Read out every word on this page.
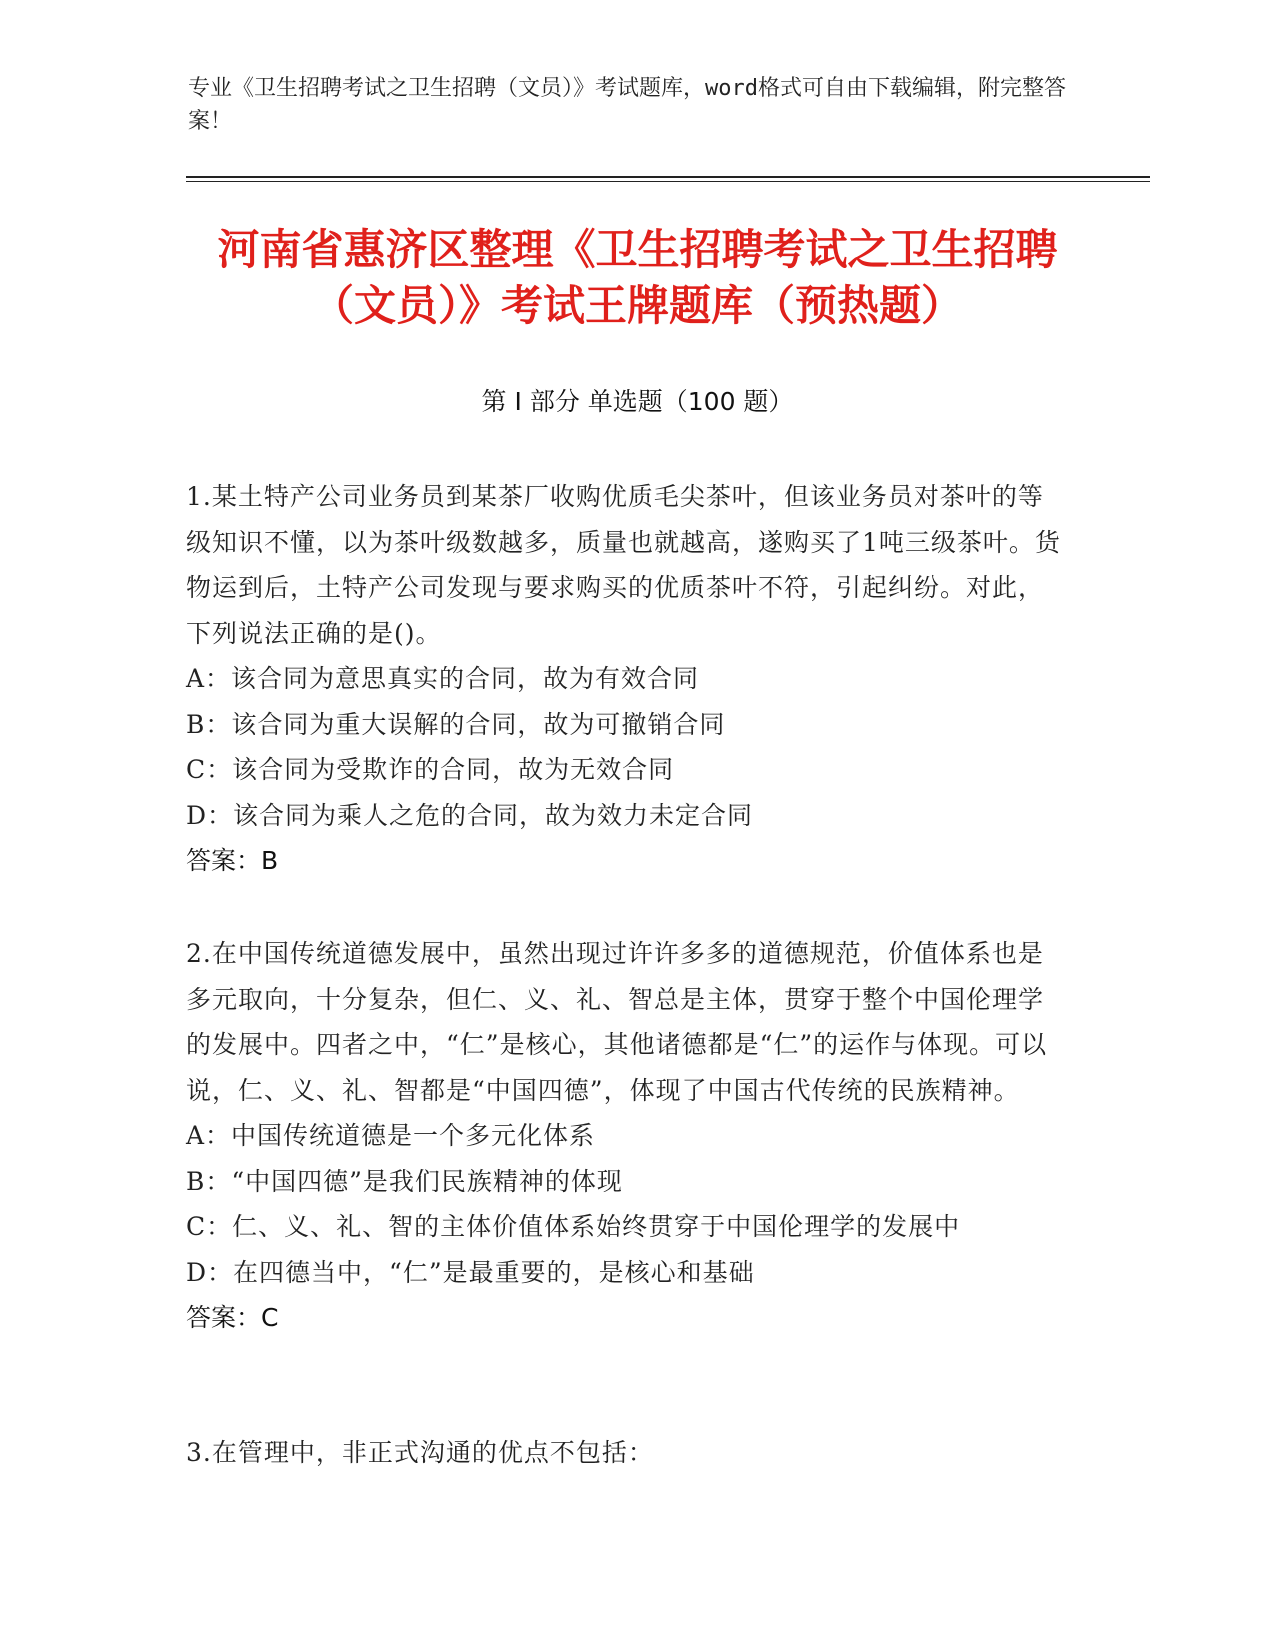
专业《卫生招聘考试之卫生招聘（文员）》考试题库，word格式可自由下载编辑，附完整答案！
河南省惠济区整理《卫生招聘考试之卫生招聘（文员）》考试王牌题库（预热题）
第 I 部分 单选题（100 题）
1.某土特产公司业务员到某茶厂收购优质毛尖茶叶，但该业务员对茶叶的等级知识不懂，以为茶叶级数越多，质量也就越高，遂购买了1吨三级茶叶。货物运到后，土特产公司发现与要求购买的优质茶叶不符，引起纠纷。对此，下列说法正确的是()。
A：该合同为意思真实的合同，故为有效合同
B：该合同为重大误解的合同，故为可撤销合同
C：该合同为受欺诈的合同，故为无效合同
D：该合同为乘人之危的合同，故为效力未定合同
答案：B
2.在中国传统道德发展中，虽然出现过许许多多的道德规范，价值体系也是多元取向，十分复杂，但仁、义、礼、智总是主体，贯穿于整个中国伦理学的发展中。四者之中，“仁”是核心，其他诸德都是“仁”的运作与体现。可以说，仁、义、礼、智都是“中国四德”，体现了中国古代传统的民族精神。
A：中国传统道德是一个多元化体系
B：“中国四德”是我们民族精神的体现
C：仁、义、礼、智的主体价值体系始终贯穿于中国伦理学的发展中
D：在四德当中，“仁”是最重要的，是核心和基础
答案：C
3.在管理中，非正式沟通的优点不包括：
